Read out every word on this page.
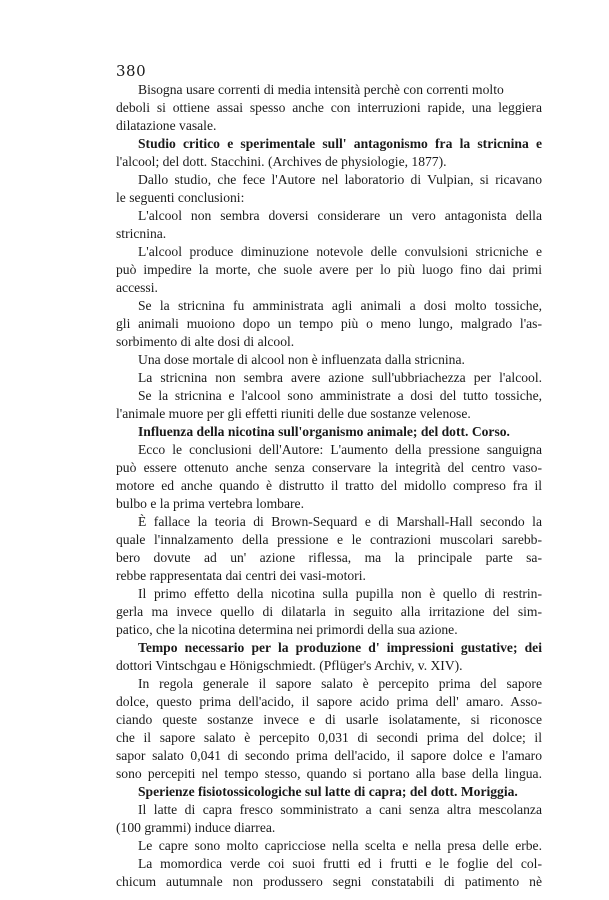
380
Bisogna usare correnti di media intensità perchè con correnti molto
deboli si ottiene assai spesso anche con interruzioni rapide, una leggiera
dilatazione vasale.
Studio critico e sperimentale sull' antagonismo fra la stricnina e
l'alcool; del dott. Stacchini. (Archives de physiologie, 1877).
Dallo studio, che fece l'Autore nel laboratorio di Vulpian, si ricavano
le seguenti conclusioni:
L'alcool non sembra doversi considerare un vero antagonista della
stricnina.
L'alcool produce diminuzione notevole delle convulsioni stricniche e
può impedire la morte, che suole avere per lo più luogo fino dai primi
accessi.
Se la stricnina fu amministrata agli animali a dosi molto tossiche,
gli animali muoiono dopo un tempo più o meno lungo, malgrado l'as-
sorbimento di alte dosi di alcool.
Una dose mortale di alcool non è influenzata dalla stricnina.
La stricnina non sembra avere azione sull'ubbriachezza per l'alcool.
Se la stricnina e l'alcool sono amministrate a dosi del tutto tossiche,
l'animale muore per gli effetti riuniti delle due sostanze velenose.
Influenza della nicotina sull'organismo animale; del dott. Corso.
Ecco le conclusioni dell'Autore: L'aumento della pressione sanguigna
può essere ottenuto anche senza conservare la integrità del centro vaso-
motore ed anche quando è distrutto il tratto del midollo compreso fra il
bulbo e la prima vertebra lombare.
È fallace la teoria di Brown-Sequard e di Marshall-Hall secondo la
quale l'innalzamento della pressione e le contrazioni muscolari sarebb-
bero dovute ad un' azione riflessa, ma la principale parte sa-
rebbe rappresentata dai centri dei vasi-motori.
Il primo effetto della nicotina sulla pupilla non è quello di restrin-
gerla ma invece quello di dilatarla in seguito alla irritazione del sim-
patico, che la nicotina determina nei primordi della sua azione.
Tempo necessario per la produzione d' impressioni gustative; dei
dottori Vintschgau e Hönigschmiedt. (Pflüger's Archiv, v. XIV).
In regola generale il sapore salato è percepito prima del sapore
dolce, questo prima dell'acido, il sapore acido prima dell' amaro. Asso-
ciando queste sostanze invece e di usarle isolatamente, si riconosce
che il sapore salato è percepito 0,031 di secondi prima del dolce; il
sapor salato 0,041 di secondo prima dell'acido, il sapore dolce e l'amaro
sono percepiti nel tempo stesso, quando si portano alla base della lingua.
Sperienze fisiotossicologiche sul latte di capra; del dott. Moriggia.
Il latte di capra fresco somministrato a cani senza altra mescolanza
(100 grammi) induce diarrea.
Le capre sono molto capricciose nella scelta e nella presa delle erbe.
La momordica verde coi suoi frutti ed i frutti e le foglie del col-
chicum autumnale non produssero segni constatabili di patimento nè
